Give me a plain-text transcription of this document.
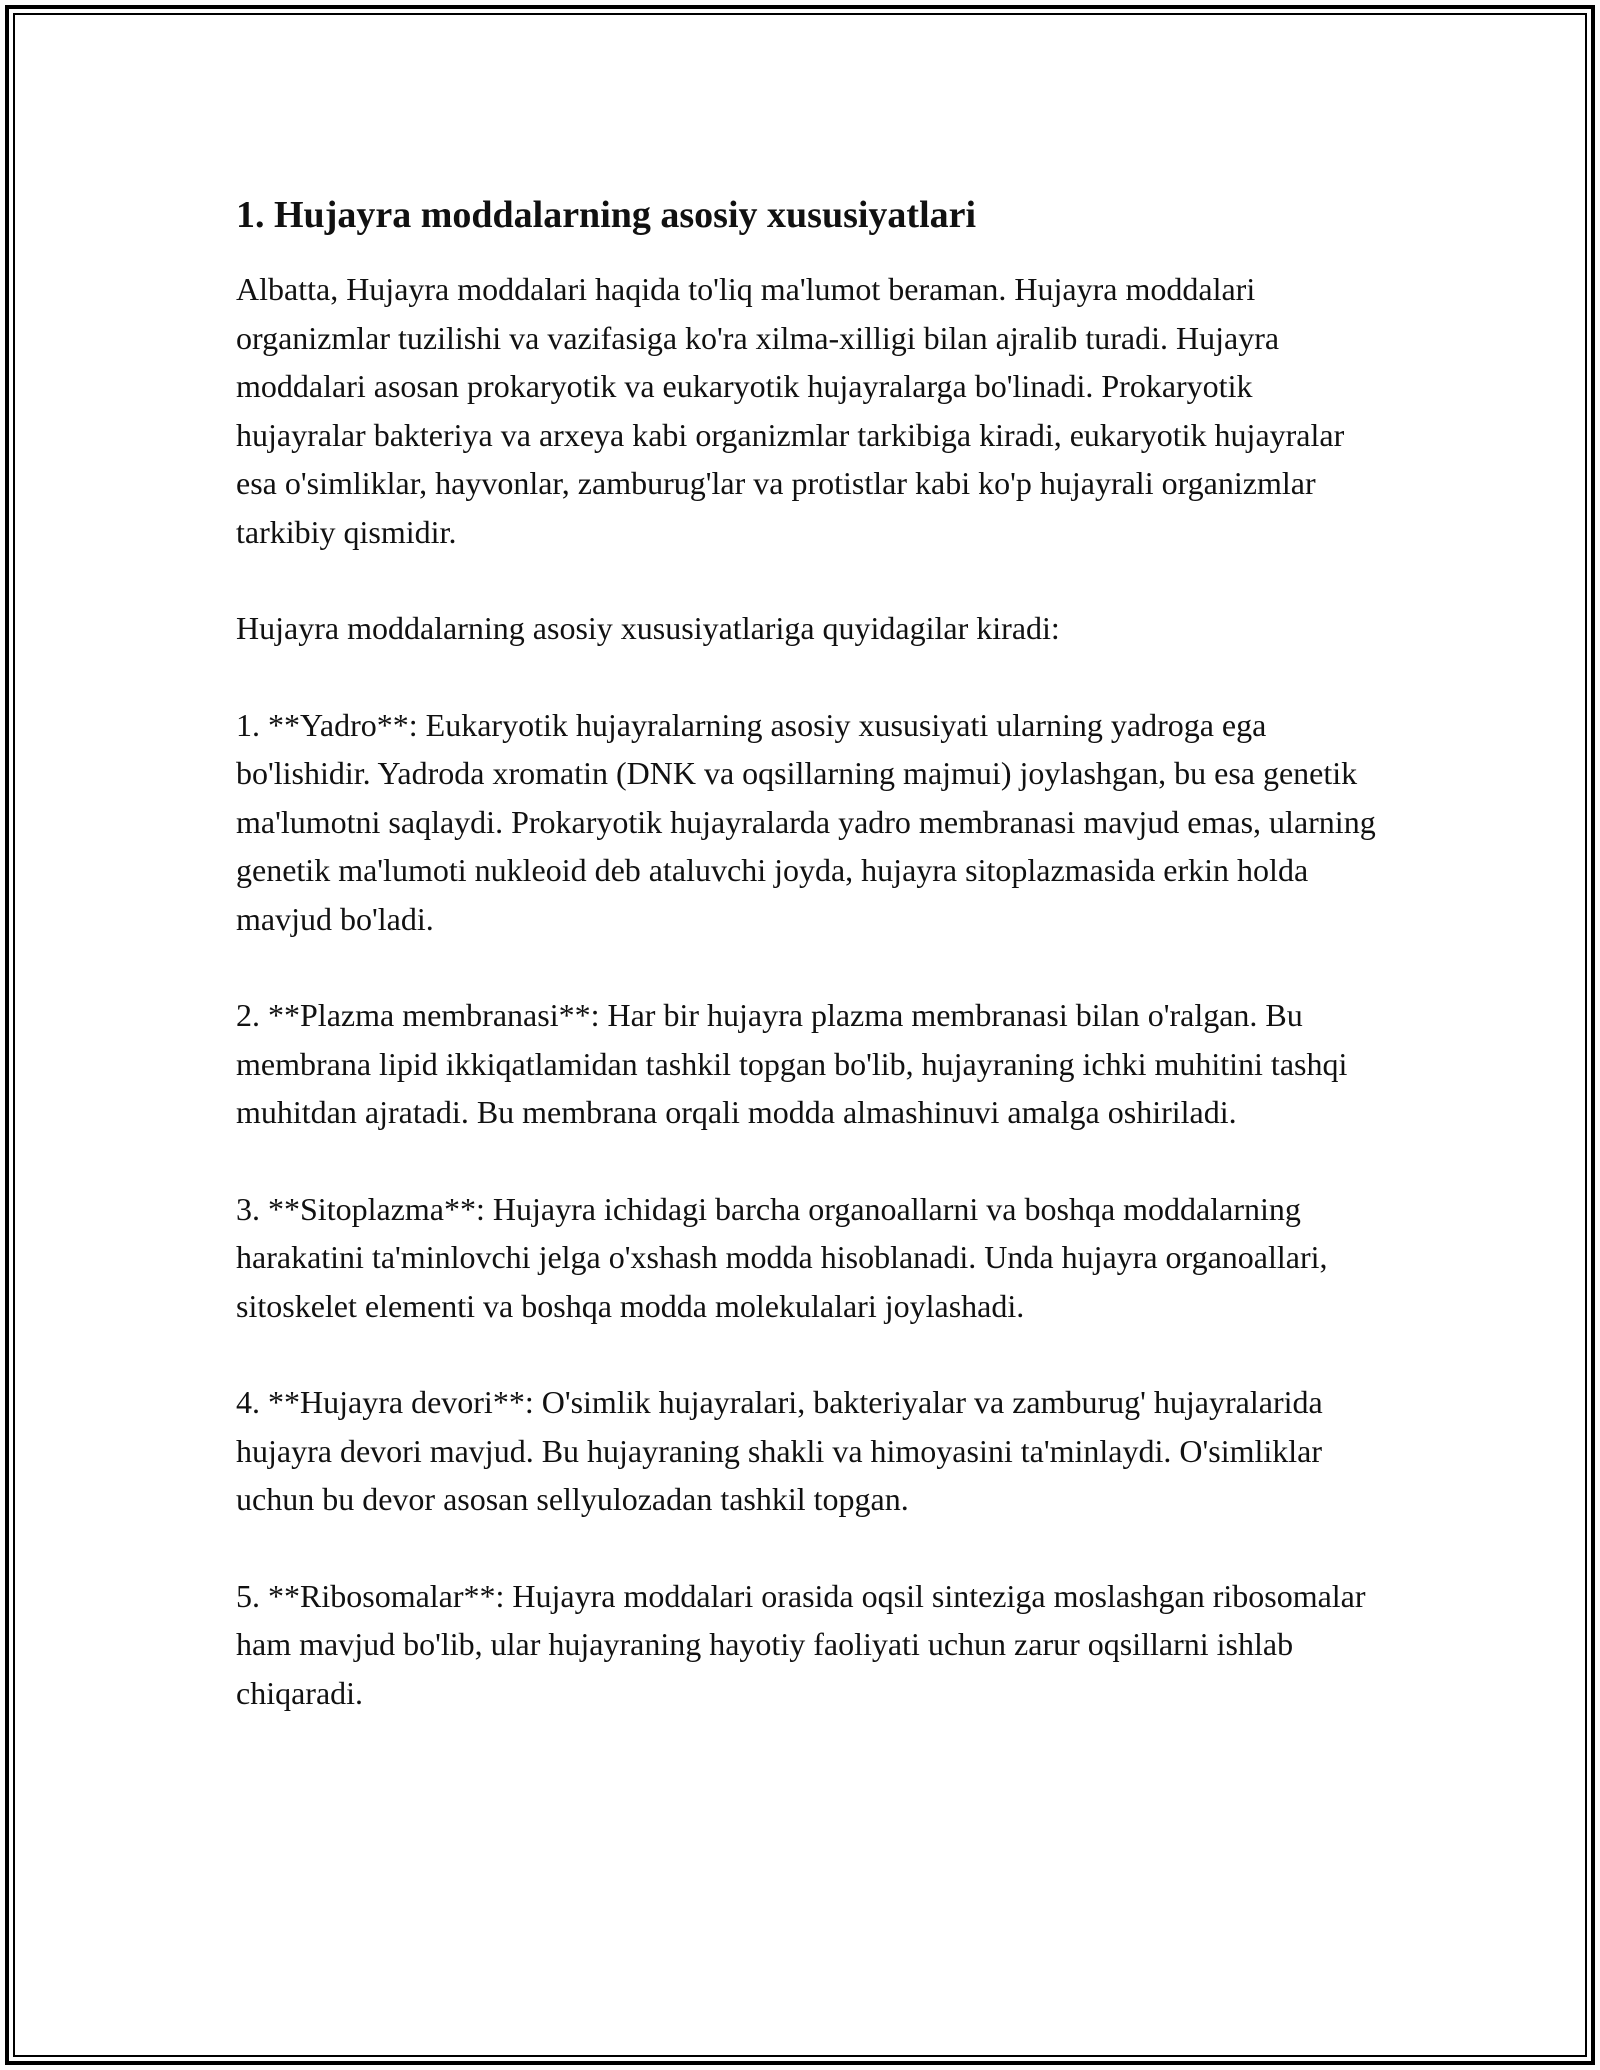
1. Hujayra moddalarning asosiy xususiyatlari

Albatta, Hujayra moddalari haqida to'liq ma'lumot beraman. Hujayra moddalari organizmlar tuzilishi va vazifasiga ko'ra xilma-xilligi bilan ajralib turadi. Hujayra moddalari asosan prokaryotik va eukaryotik hujayralarga bo'linadi. Prokaryotik hujayralar bakteriya va arxeya kabi organizmlar tarkibiga kiradi, eukaryotik hujayralar esa o'simliklar, hayvonlar, zamburug'lar va protistlar kabi ko'p hujayrali organizmlar tarkibiy qismidir.

Hujayra moddalarning asosiy xususiyatlariga quyidagilar kiradi:

1. **Yadro**: Eukaryotik hujayralarning asosiy xususiyati ularning yadroga ega bo'lishidir. Yadroda xromatin (DNK va oqsillarning majmui) joylashgan, bu esa genetik ma'lumotni saqlaydi. Prokaryotik hujayralarda yadro membranasi mavjud emas, ularning genetik ma'lumoti nukleoid deb ataluvchi joyda, hujayra sitoplazmasida erkin holda mavjud bo'ladi.

2. **Plazma membranasi**: Har bir hujayra plazma membranasi bilan o'ralgan. Bu membrana lipid ikkiqatlamidan tashkil topgan bo'lib, hujayraning ichki muhitini tashqi muhitdan ajratadi. Bu membrana orqali modda almashinuvi amalga oshiriladi.

3. **Sitoplazma**: Hujayra ichidagi barcha organoallarni va boshqa moddalarning harakatini ta'minlovchi jelga o'xshash modda hisoblanadi. Unda hujayra organoallari, sitoskelet elementi va boshqa modda molekulalari joylashadi.

4. **Hujayra devori**: O'simlik hujayralari, bakteriyalar va zamburug' hujayralarida hujayra devori mavjud. Bu hujayraning shakli va himoyasini ta'minlaydi. O'simliklar uchun bu devor asosan sellyulozadan tashkil topgan.

5. **Ribosomalar**: Hujayra moddalari orasida oqsil sinteziga moslashgan ribosomalar ham mavjud bo'lib, ular hujayraning hayotiy faoliyati uchun zarur oqsillarni ishlab chiqaradi.
